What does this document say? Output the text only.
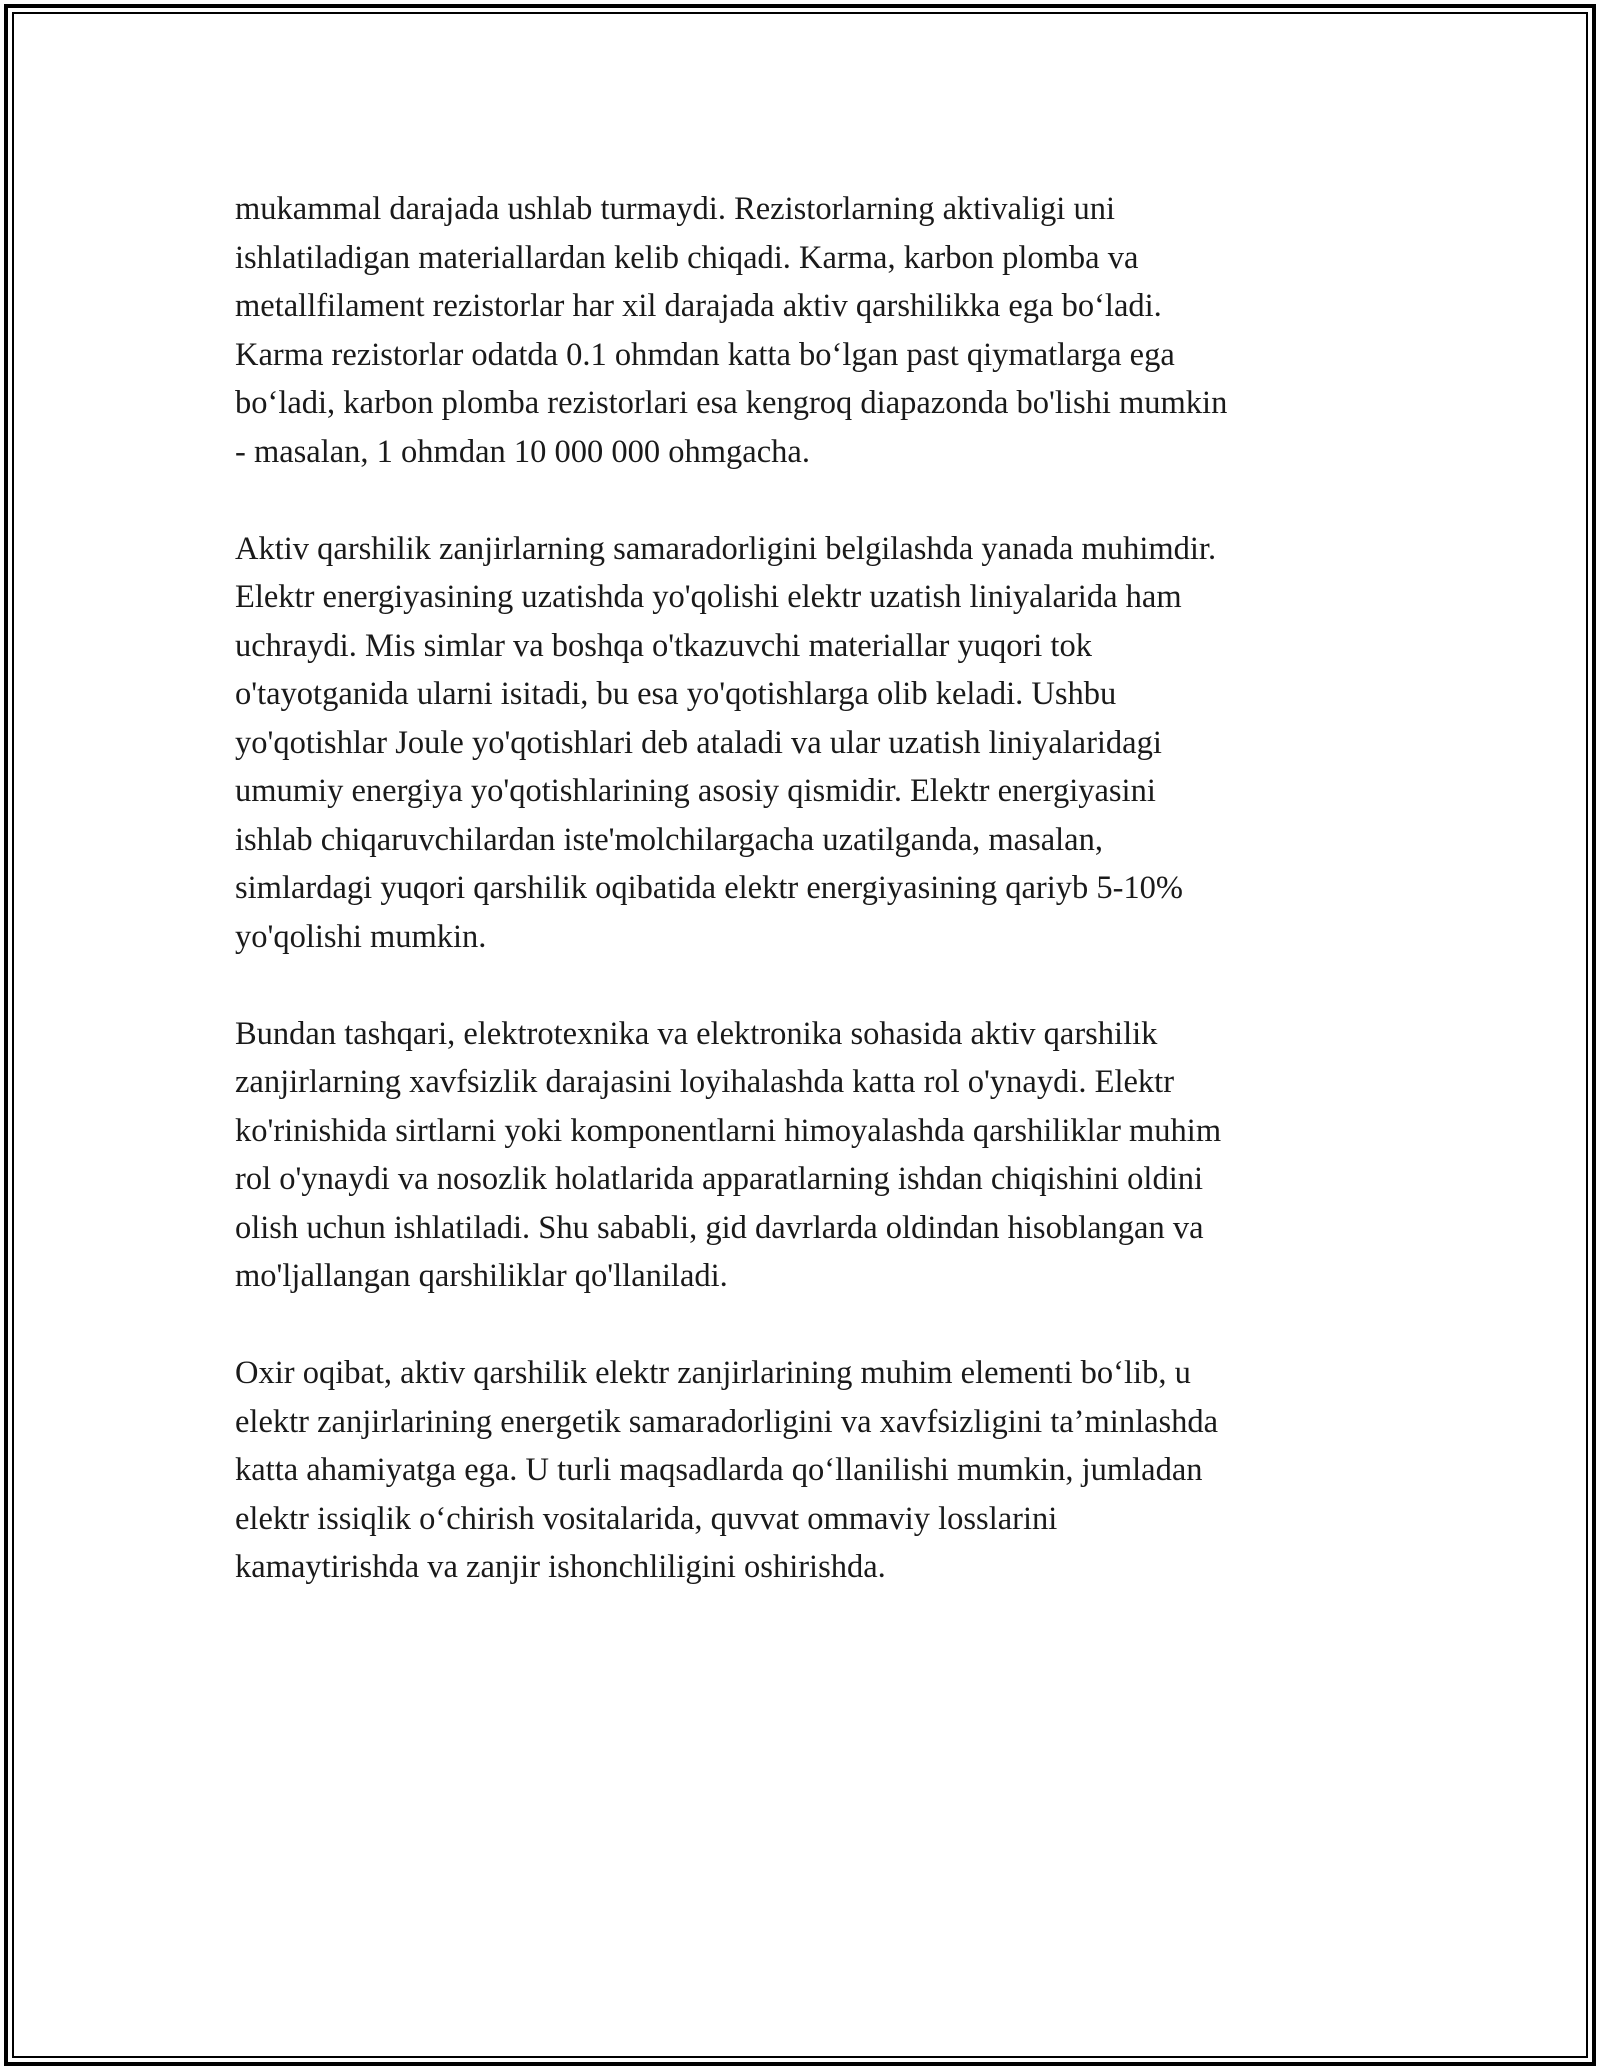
mukammal darajada ushlab turmaydi. Rezistorlarning aktivaligi uni
ishlatiladigan materiallardan kelib chiqadi. Karma, karbon plomba va
metallfilament rezistorlar har xil darajada aktiv qarshilikka ega bo‘ladi.
Karma rezistorlar odatda 0.1 ohmdan katta bo‘lgan past qiymatlarga ega
bo‘ladi, karbon plomba rezistorlari esa kengroq diapazonda bo'lishi mumkin
- masalan, 1 ohmdan 10 000 000 ohmgacha.

Aktiv qarshilik zanjirlarning samaradorligini belgilashda yanada muhimdir.
Elektr energiyasining uzatishda yo'qolishi elektr uzatish liniyalarida ham
uchraydi. Mis simlar va boshqa o'tkazuvchi materiallar yuqori tok
o'tayotganida ularni isitadi, bu esa yo'qotishlarga olib keladi. Ushbu
yo'qotishlar Joule yo'qotishlari deb ataladi va ular uzatish liniyalaridagi
umumiy energiya yo'qotishlarining asosiy qismidir. Elektr energiyasini
ishlab chiqaruvchilardan iste'molchilargacha uzatilganda, masalan,
simlardagi yuqori qarshilik oqibatida elektr energiyasining qariyb 5-10%
yo'qolishi mumkin.

Bundan tashqari, elektrotexnika va elektronika sohasida aktiv qarshilik
zanjirlarning xavfsizlik darajasini loyihalashda katta rol o'ynaydi. Elektr
ko'rinishida sirtlarni yoki komponentlarni himoyalashda qarshiliklar muhim
rol o'ynaydi va nosozlik holatlarida apparatlarning ishdan chiqishini oldini
olish uchun ishlatiladi. Shu sababli, gid davrlarda oldindan hisoblangan va
mo'ljallangan qarshiliklar qo'llaniladi.

Oxir oqibat, aktiv qarshilik elektr zanjirlarining muhim elementi bo‘lib, u
elektr zanjirlarining energetik samaradorligini va xavfsizligini ta’minlashda
katta ahamiyatga ega. U turli maqsadlarda qo‘llanilishi mumkin, jumladan
elektr issiqlik o‘chirish vositalarida, quvvat ommaviy losslarini
kamaytirishda va zanjir ishonchliligini oshirishda.
